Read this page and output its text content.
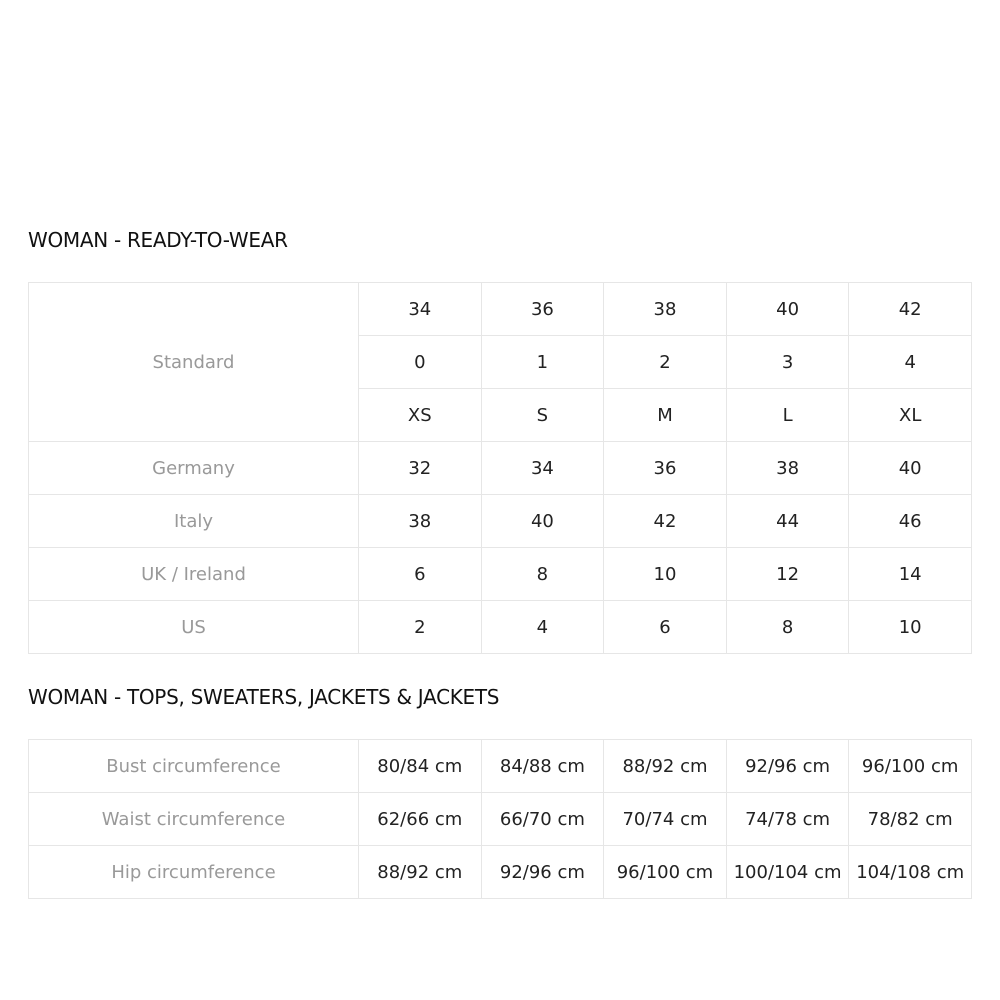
WOMAN - READY-TO-WEAR
Standard	34	36	38	40	42
	0	1	2	3	4
	XS	S	M	L	XL
Germany	32	34	36	38	40
Italy	38	40	42	44	46
UK / Ireland	6	8	10	12	14
US	2	4	6	8	10
WOMAN - TOPS, SWEATERS, JACKETS & JACKETS
Bust circumference	80/84 cm	84/88 cm	88/92 cm	92/96 cm	96/100 cm
Waist circumference	62/66 cm	66/70 cm	70/74 cm	74/78 cm	78/82 cm
Hip circumference	88/92 cm	92/96 cm	96/100 cm	100/104 cm	104/108 cm
